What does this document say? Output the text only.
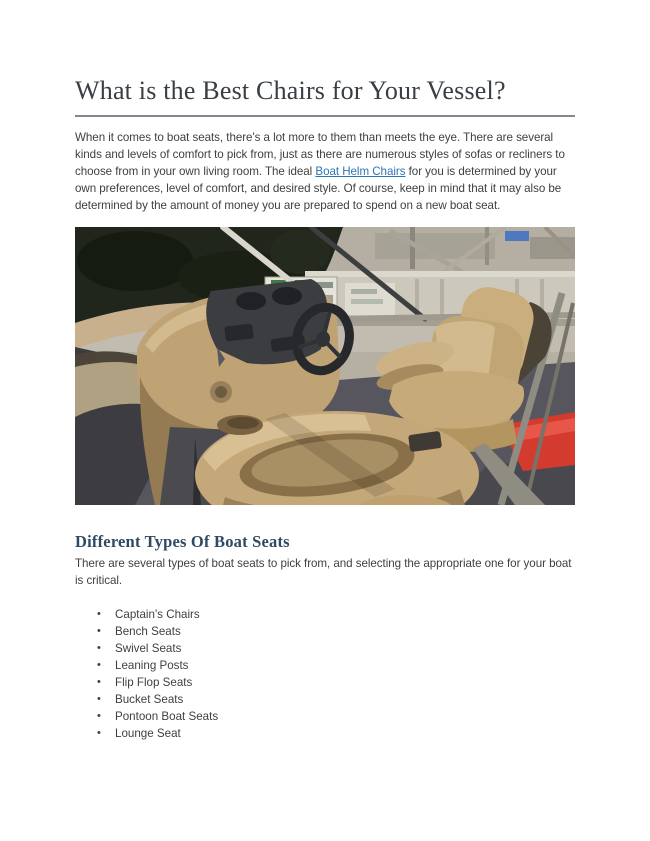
What is the Best Chairs for Your Vessel?

When it comes to boat seats, there's a lot more to them than meets the eye. There are several kinds and levels of comfort to pick from, just as there are numerous styles of sofas or recliners to choose from in your own living room. The ideal Boat Helm Chairs for you is determined by your own preferences, level of comfort, and desired style. Of course, keep in mind that it may also be determined by the amount of money you are prepared to spend on a new boat seat.

Different Types Of Boat Seats

There are several types of boat seats to pick from, and selecting the appropriate one for your boat is critical.

•	Captain's Chairs
•	Bench Seats
•	Swivel Seats
•	Leaning Posts
•	Flip Flop Seats
•	Bucket Seats
•	Pontoon Boat Seats
•	Lounge Seat
